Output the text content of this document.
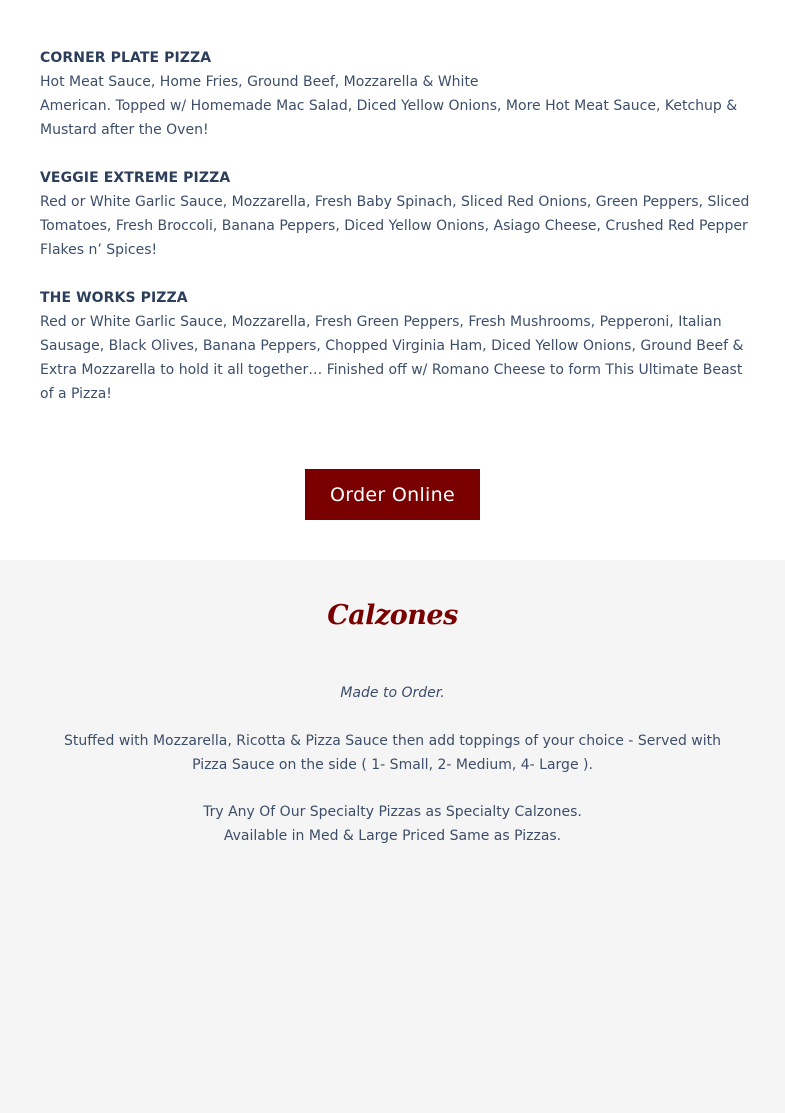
CORNER PLATE PIZZA
Hot Meat Sauce, Home Fries, Ground Beef, Mozzarella & White
American. Topped w/ Homemade Mac Salad, Diced Yellow Onions, More Hot Meat Sauce, Ketchup & Mustard after the Oven!
VEGGIE EXTREME PIZZA
Red or White Garlic Sauce, Mozzarella, Fresh Baby Spinach, Sliced Red Onions, Green Peppers, Sliced Tomatoes, Fresh Broccoli, Banana Peppers, Diced Yellow Onions, Asiago Cheese, Crushed Red Pepper Flakes n’ Spices!
THE WORKS PIZZA
Red or White Garlic Sauce, Mozzarella, Fresh Green Peppers, Fresh Mushrooms, Pepperoni, Italian Sausage, Black Olives, Banana Peppers, Chopped Virginia Ham, Diced Yellow Onions, Ground Beef & Extra Mozzarella to hold it all together… Finished off w/ Romano Cheese to form This Ultimate Beast of a Pizza!
Order Online
Calzones
Made to Order.
Stuffed with Mozzarella, Ricotta & Pizza Sauce then add toppings of your choice - Served with Pizza Sauce on the side ( 1- Small, 2- Medium, 4- Large ).
Try Any Of Our Specialty Pizzas as Specialty Calzones.
Available in Med & Large Priced Same as Pizzas.
